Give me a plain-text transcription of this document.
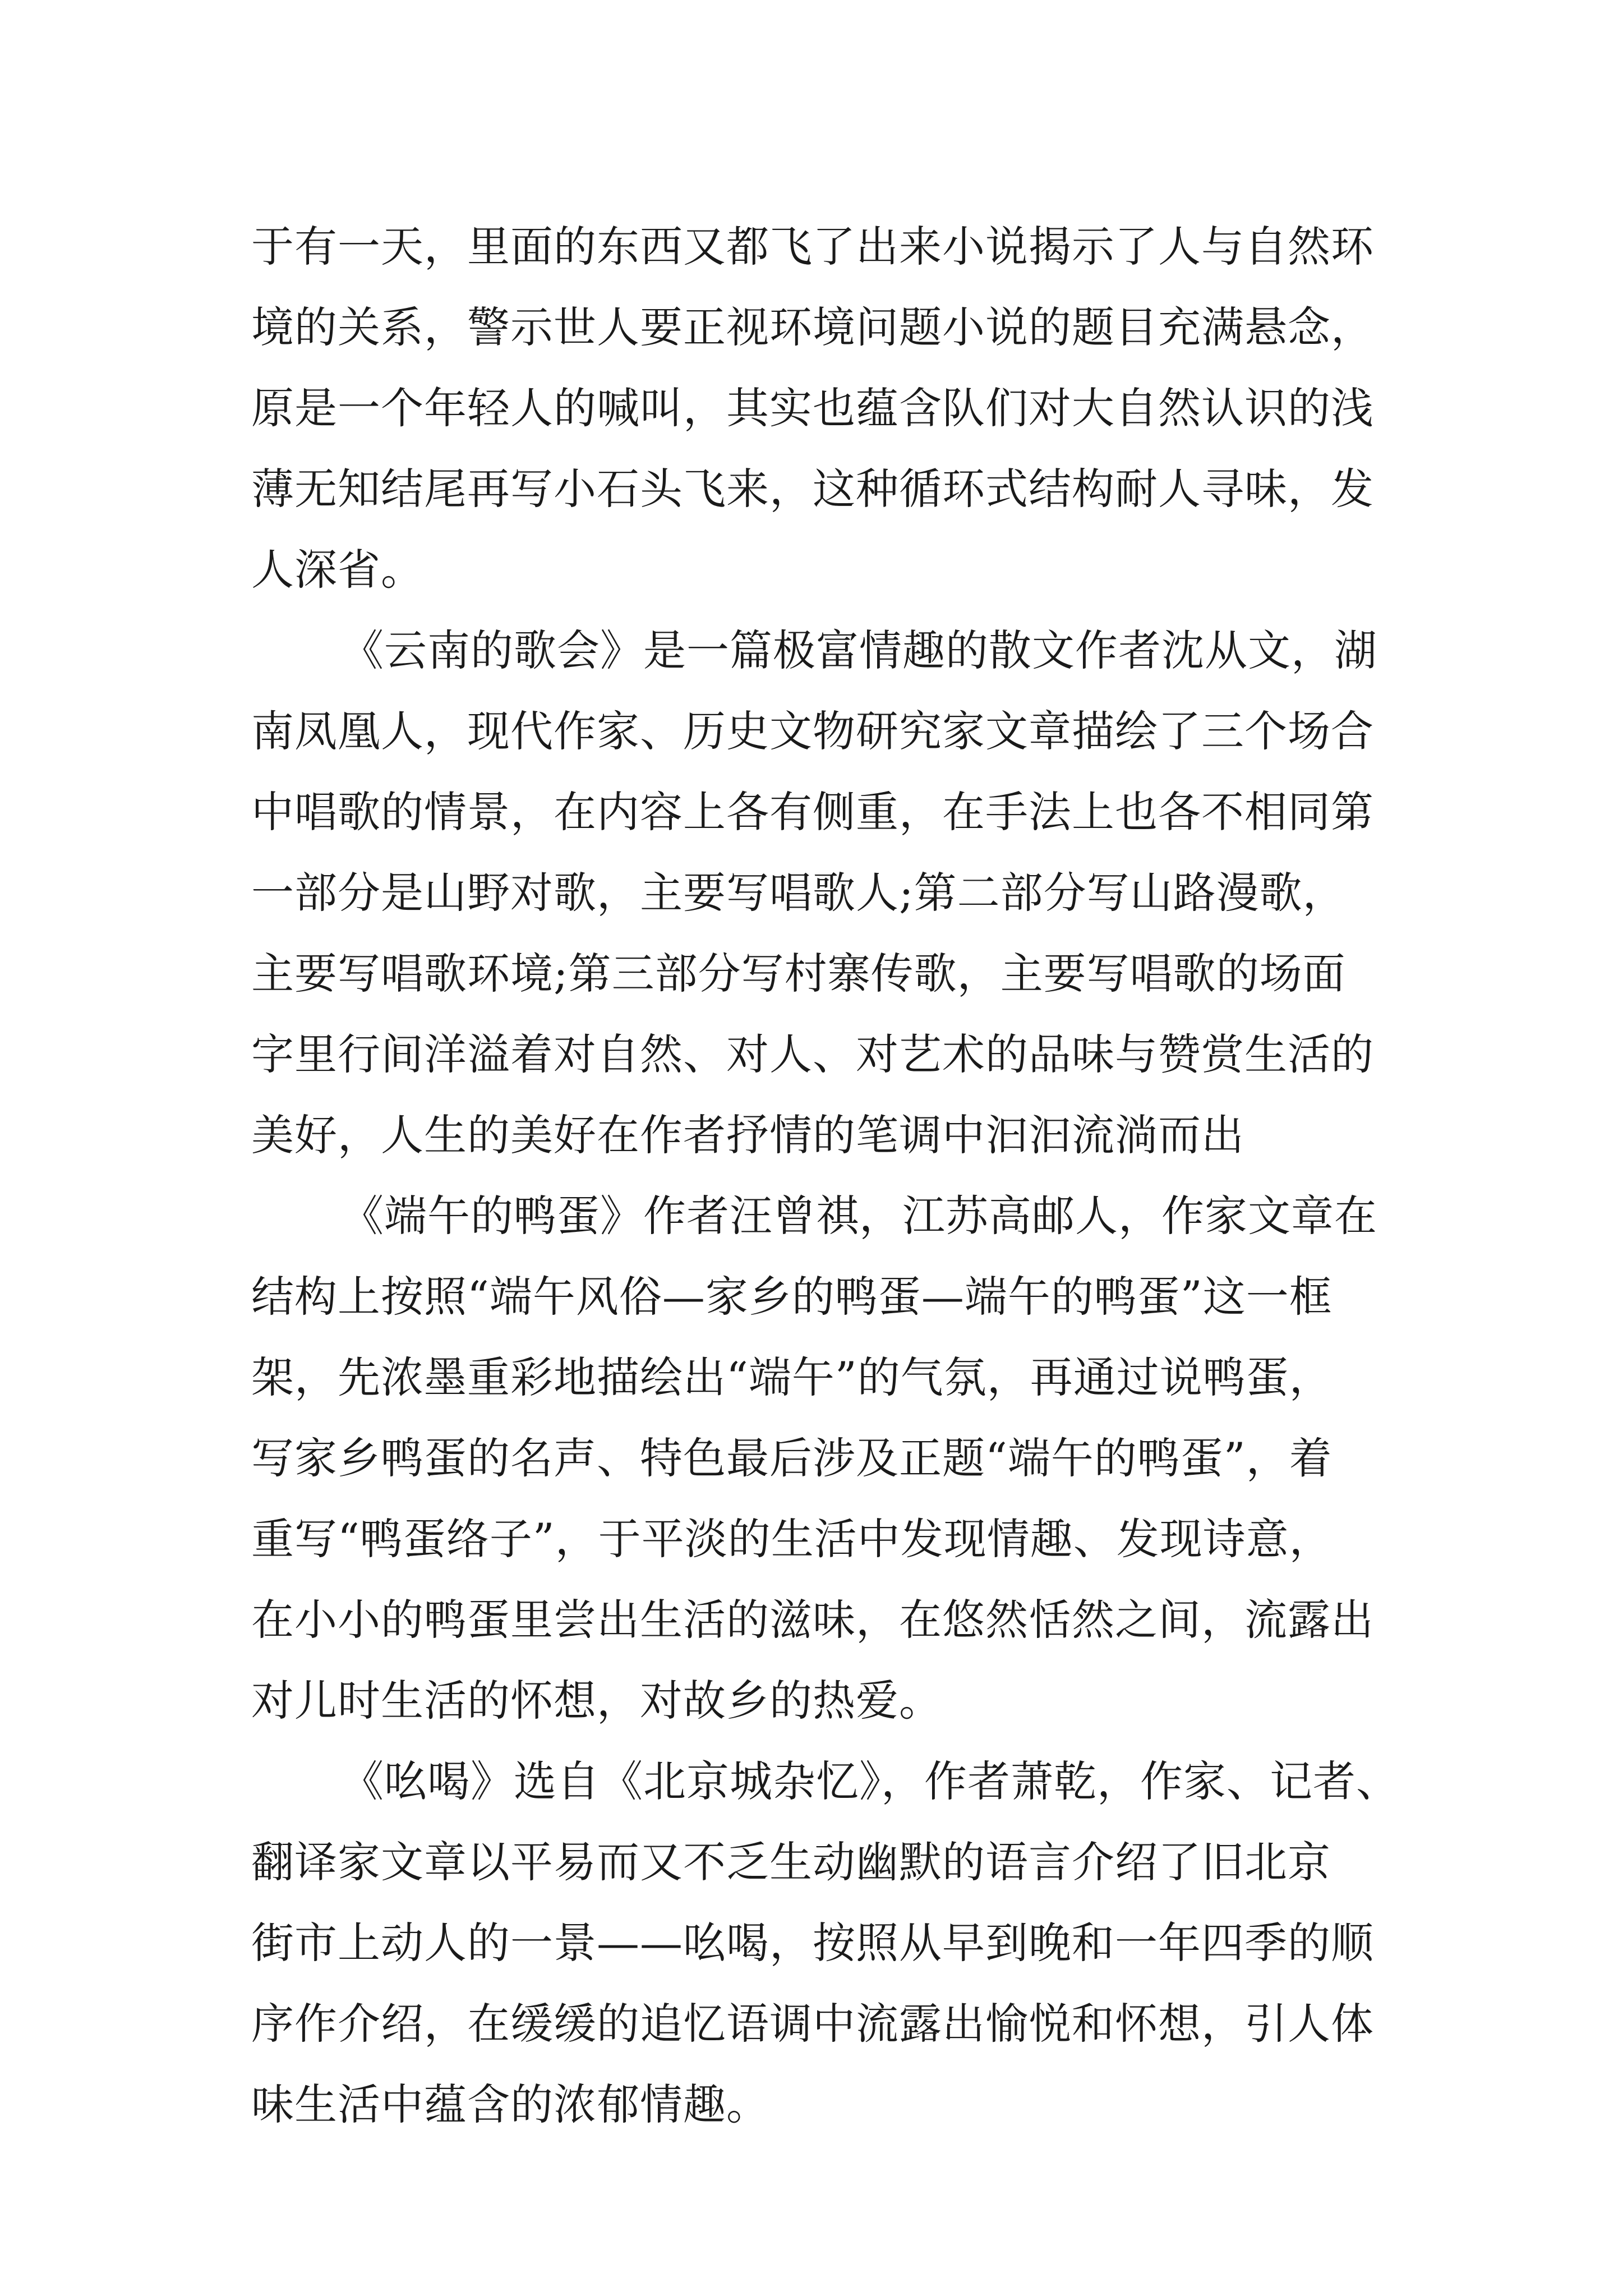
于有一天，里面的东西又都飞了出来小说揭示了人与自然环
境的关系，警示世人要正视环境问题小说的题目充满悬念，
原是一个年轻人的喊叫，其实也蕴含队们对大自然认识的浅
薄无知结尾再写小石头飞来，这种循环式结构耐人寻味，发
人深省。
《云南的歌会》是一篇极富情趣的散文作者沈从文，湖
南凤凰人，现代作家、历史文物研究家文章描绘了三个场合
中唱歌的情景，在内容上各有侧重，在手法上也各不相同第
一部分是山野对歌，主要写唱歌人;第二部分写山路漫歌，
主要写唱歌环境;第三部分写村寨传歌，主要写唱歌的场面
字里行间洋溢着对自然、对人、对艺术的品味与赞赏生活的
美好，人生的美好在作者抒情的笔调中汩汩流淌而出
《端午的鸭蛋》作者汪曾祺，江苏高邮人，作家文章在
结构上按照“端午风俗—家乡的鸭蛋—端午的鸭蛋”这一框
架，先浓墨重彩地描绘出“端午”的气氛，再通过说鸭蛋，
写家乡鸭蛋的名声、特色最后涉及正题“端午的鸭蛋”，着
重写“鸭蛋络子”，于平淡的生活中发现情趣、发现诗意，
在小小的鸭蛋里尝出生活的滋味，在悠然恬然之间，流露出
对儿时生活的怀想，对故乡的热爱。
《吆喝》选自《北京城杂忆》，作者萧乾，作家、记者、
翻译家文章以平易而又不乏生动幽默的语言介绍了旧北京
街市上动人的一景——吆喝，按照从早到晚和一年四季的顺
序作介绍，在缓缓的追忆语调中流露出愉悦和怀想，引人体
味生活中蕴含的浓郁情趣。
